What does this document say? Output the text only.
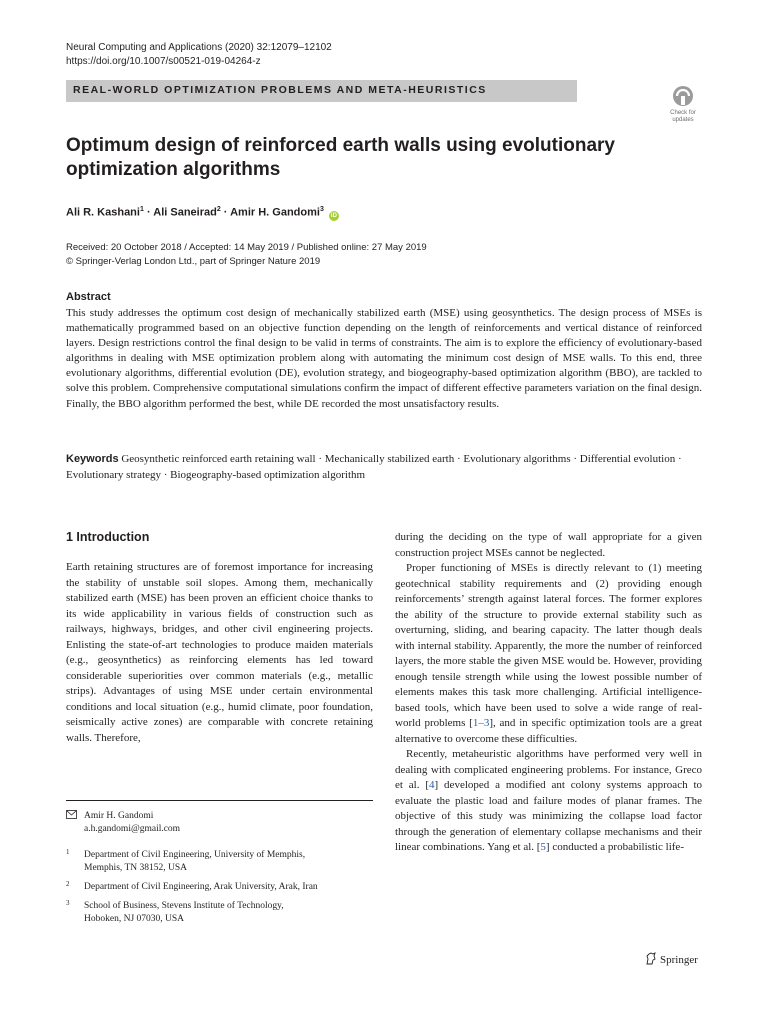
Neural Computing and Applications (2020) 32:12079–12102
https://doi.org/10.1007/s00521-019-04264-z
REAL-WORLD OPTIMIZATION PROBLEMS AND META-HEURISTICS
Check for
updates
Optimum design of reinforced earth walls using evolutionary optimization algorithms
Ali R. Kashani$^1$ · Ali Saneirad$^2$ · Amir H. Gandomi$^3$ iD
Received: 20 October 2018 / Accepted: 14 May 2019 / Published online: 27 May 2019
© Springer-Verlag London Ltd., part of Springer Nature 2019
Abstract
This study addresses the optimum cost design of mechanically stabilized earth (MSE) using geosynthetics. The design process of MSEs is mathematically programmed based on an objective function depending on the length of reinforcements and vertical distance of reinforced layers. Design restrictions control the final design to be valid in terms of constraints. The aim is to explore the efficiency of evolutionary-based algorithms in dealing with MSE optimization problem along with automating the minimum cost design of MSE walls. To this end, three evolutionary algorithms, differential evolution (DE), evolution strategy, and biogeography-based optimization algorithm (BBO), are tackled to solve this problem. Comprehensive computational simulations confirm the impact of different effective parameters variation on the final design. Finally, the BBO algorithm performed the best, while DE recorded the most unsatisfactory results.
Keywords Geosynthetic reinforced earth retaining wall · Mechanically stabilized earth · Evolutionary algorithms · Differential evolution · Evolutionary strategy · Biogeography-based optimization algorithm
1 Introduction

Earth retaining structures are of foremost importance for increasing the stability of unstable soil slopes. Among them, mechanically stabilized earth (MSE) has been proven an efficient choice thanks to its wide applicability in various fields of construction such as railways, highways, bridges, and other civil engineering projects. Enlisting the state-of-art technologies to produce maiden materials (e.g., geosynthetics) as reinforcing elements has led toward considerable superiorities over common materials (e.g., metallic strips). Advantages of using MSE under certain environmental conditions and local situation (e.g., humid climate, poor foundation, seismically active zones) are comparable with concrete retaining walls. Therefore,

during the deciding on the type of wall appropriate for a given construction project MSEs cannot be neglected.

Proper functioning of MSEs is directly relevant to (1) meeting geotechnical stability requirements and (2) providing enough reinforcements’ strength against lateral forces. The former explores the ability of the structure to provide external stability such as overturning, sliding, and bearing capacity. The latter though deals with internal stability. Apparently, the more the number of reinforced layers, the more stable the given MSE would be. However, providing enough tensile strength while using the lowest possible number of elements makes this task more challenging. Artificial intelligence-based tools, which have been used to solve a wide range of real-world problems [1–3], and in specific optimization tools are a great alternative to overcome these difficulties.

Recently, metaheuristic algorithms have performed very well in dealing with complicated engineering problems. For instance, Greco et al. [4] developed a modified ant colony systems approach to evaluate the plastic load and failure modes of planar frames. The objective of this study was minimizing the collapse load factor through the generation of elementary collapse mechanisms and their linear combinations. Yang et al. [5] conducted a probabilistic life-

Amir H. Gandomi
a.h.gandomi@gmail.com
1 Department of Civil Engineering, University of Memphis,
Memphis, TN 38152, USA
2 Department of Civil Engineering, Arak University, Arak, Iran
3 School of Business, Stevens Institute of Technology,
Hoboken, NJ 07030, USA
Springer
